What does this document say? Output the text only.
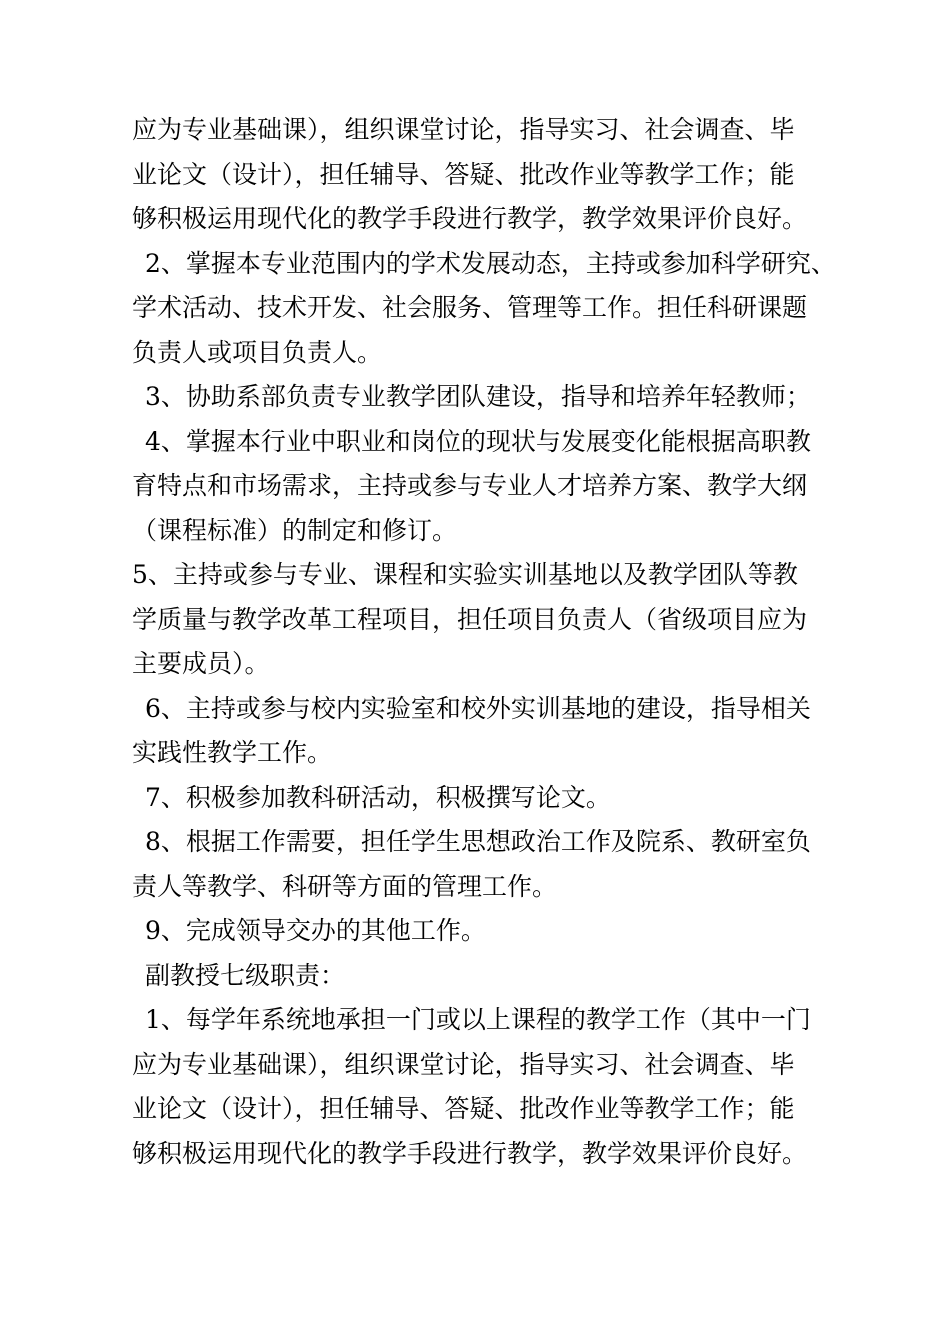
应为专业基础课），组织课堂讨论，指导实习、社会调查、毕
业论文（设计），担任辅导、答疑、批改作业等教学工作；能
够积极运用现代化的教学手段进行教学，教学效果评价良好。
2、掌握本专业范围内的学术发展动态，主持或参加科学研究、
学术活动、技术开发、社会服务、管理等工作。担任科研课题
负责人或项目负责人。
3、协助系部负责专业教学团队建设，指导和培养年轻教师；
4、掌握本行业中职业和岗位的现状与发展变化能根据高职教
育特点和市场需求，主持或参与专业人才培养方案、教学大纲
（课程标准）的制定和修订。
5、主持或参与专业、课程和实验实训基地以及教学团队等教
学质量与教学改革工程项目，担任项目负责人（省级项目应为
主要成员）。
6、主持或参与校内实验室和校外实训基地的建设，指导相关
实践性教学工作。
7、积极参加教科研活动，积极撰写论文。
8、根据工作需要，担任学生思想政治工作及院系、教研室负
责人等教学、科研等方面的管理工作。
9、完成领导交办的其他工作。
副教授七级职责：
1、每学年系统地承担一门或以上课程的教学工作（其中一门
应为专业基础课），组织课堂讨论，指导实习、社会调查、毕
业论文（设计），担任辅导、答疑、批改作业等教学工作；能
够积极运用现代化的教学手段进行教学，教学效果评价良好。
